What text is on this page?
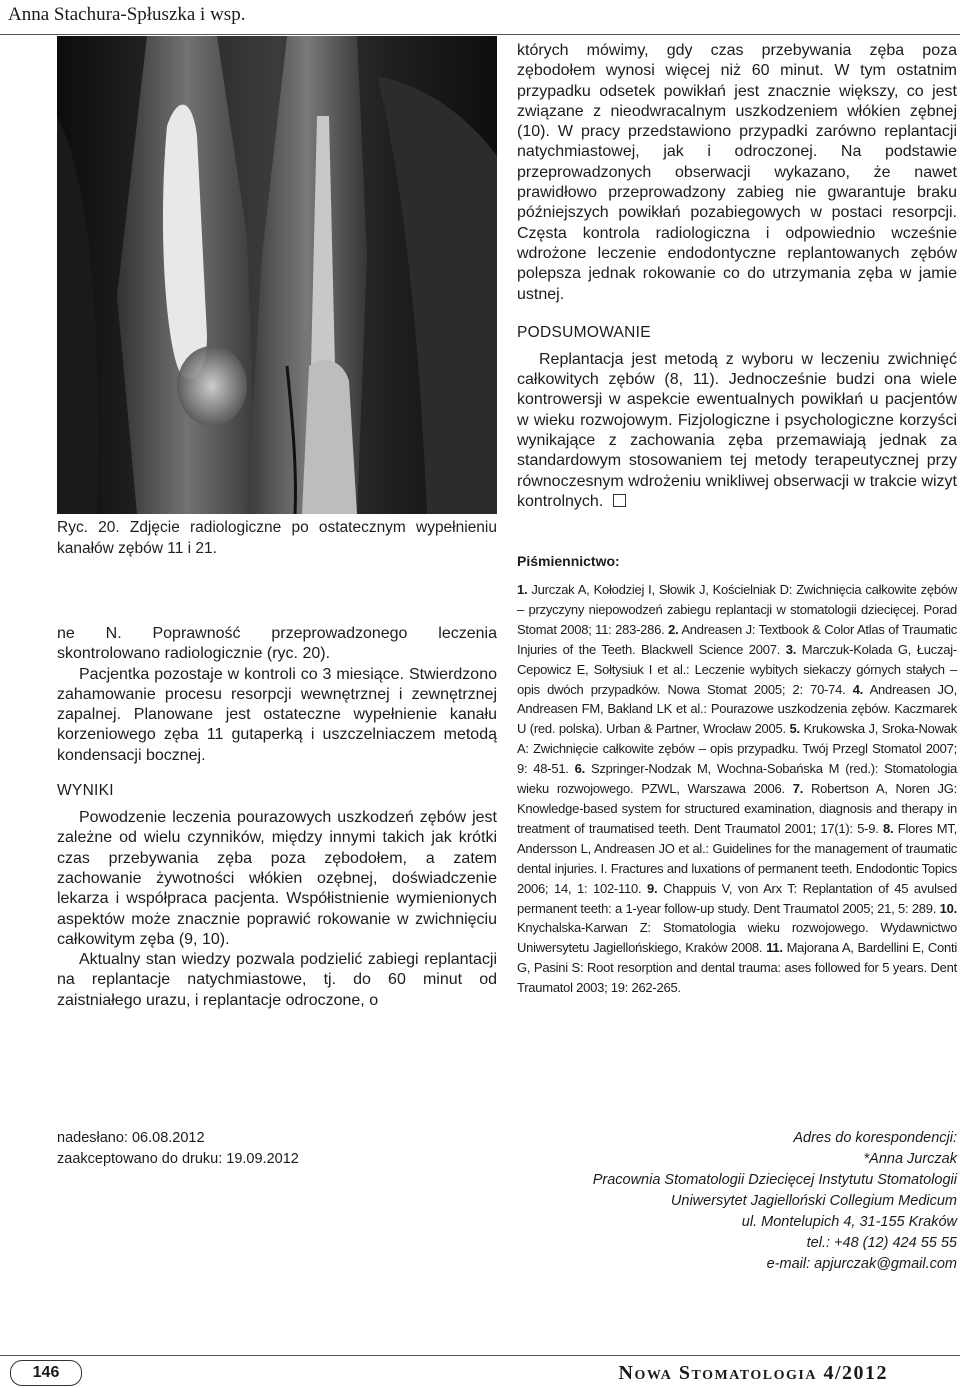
Anna Stachura-Spłuszka i wsp.
Ryc. 20. Zdjęcie radiologiczne po ostatecznym wypełnieniu kanałów zębów 11 i 21.

ne N. Poprawność przeprowadzonego leczenia skontrolowano radiologicznie (ryc. 20).

Pacjentka pozostaje w kontroli co 3 miesiące. Stwierdzono zahamowanie procesu resorpcji wewnętrznej i zewnętrznej zapalnej. Planowane jest ostateczne wypełnienie kanału korzeniowego zęba 11 gutaperką i uszczelniaczem metodą kondensacji bocznej.

WYNIKI

Powodzenie leczenia pourazowych uszkodzeń zębów jest zależne od wielu czynników, między innymi takich jak krótki czas przebywania zęba poza zębodołem, a zatem zachowanie żywotności włókien ozębnej, doświadczenie lekarza i współpraca pacjenta. Współistnienie wymienionych aspektów może znacznie poprawić rokowanie w zwichnięciu całkowitym zęba (9, 10).

Aktualny stan wiedzy pozwala podzielić zabiegi replantacji na replantacje natychmiastowe, tj. do 60 minut od zaistniałego urazu, i replantacje odroczone, o

których mówimy, gdy czas przebywania zęba poza zębodołem wynosi więcej niż 60 minut. W tym ostatnim przypadku odsetek powikłań jest znacznie większy, co jest związane z nieodwracalnym uszkodzeniem włókien zębnej (10). W pracy przedstawiono przypadki zarówno replantacji natychmiastowej, jak i odroczonej. Na podstawie przeprowadzonych obserwacji wykazano, że nawet prawidłowo przeprowadzony zabieg nie gwarantuje braku późniejszych powikłań pozabiegowych w postaci resorpcji. Częsta kontrola radiologiczna i odpowiednio wcześnie wdrożone leczenie endodontyczne replantowanych zębów polepsza jednak rokowanie co do utrzymania zęba w jamie ustnej.

PODSUMOWANIE

Replantacja jest metodą z wyboru w leczeniu zwichnięć całkowitych zębów (8, 11). Jednocześnie budzi ona wiele kontrowersji w aspekcie ewentualnych powikłań u pacjentów w wieku rozwojowym. Fizjologiczne i psychologiczne korzyści wynikające z zachowania zęba przemawiają jednak za standardowym stosowaniem tej metody terapeutycznej przy równoczesnym wdrożeniu wnikliwej obserwacji w trakcie wizyt kontrolnych.

Piśmiennictwo:
1. Jurczak A, Kołodziej I, Słowik J, Kościelniak D: Zwichnięcia całkowite zębów – przyczyny niepowodzeń zabiegu replantacji w stomatologii dziecięcej. Porad Stomat 2008; 11: 283-286. 2. Andreasen J: Textbook & Color Atlas of Traumatic Injuries of the Teeth. Blackwell Science 2007. 3. Marczuk-Kolada G, Łuczaj-Cepowicz E, Sołtysiuk I et al.: Leczenie wybitych siekaczy górnych stałych – opis dwóch przypadków. Nowa Stomat 2005; 2: 70-74. 4. Andreasen JO, Andreasen FM, Bakland LK et al.: Pourazowe uszkodzenia zębów. Kaczmarek U (red. polska). Urban & Partner, Wrocław 2005. 5. Krukowska J, Sroka-Nowak A: Zwichnięcie całkowite zębów – opis przypadku. Twój Przegl Stomatol 2007; 9: 48-51. 6. Szpringer-Nodzak M, Wochna-Sobańska M (red.): Stomatologia wieku rozwojowego. PZWL, Warszawa 2006. 7. Robertson A, Noren JG: Knowledge-based system for structured examination, diagnosis and therapy in treatment of traumatised teeth. Dent Traumatol 2001; 17(1): 5-9. 8. Flores MT, Andersson L, Andreasen JO et al.: Guidelines for the management of traumatic dental injuries. I. Fractures and luxations of permanent teeth. Endodontic Topics 2006; 14, 1: 102-110. 9. Chappuis V, von Arx T: Replantation of 45 avulsed permanent teeth: a 1-year follow-up study. Dent Traumatol 2005; 21, 5: 289. 10. Knychalska-Karwan Z: Stomatologia wieku rozwojowego. Wydawnictwo Uniwersytetu Jagiellońskiego, Kraków 2008. 11. Majorana A, Bardellini E, Conti G, Pasini S: Root resorption and dental trauma: ases followed for 5 years. Dent Traumatol 2003; 19: 262-265.
nadesłano: 06.08.2012
zaakceptowano do druku: 19.09.2012
Adres do korespondencji:
*Anna Jurczak
Pracownia Stomatologii Dziecięcej Instytutu Stomatologii
Uniwersytet Jagielloński Collegium Medicum
ul. Montelupich 4, 31-155 Kraków
tel.: +48 (12) 424 55 55
e-mail: apjurczak@gmail.com
146	Nowa Stomatologia 4/2012
